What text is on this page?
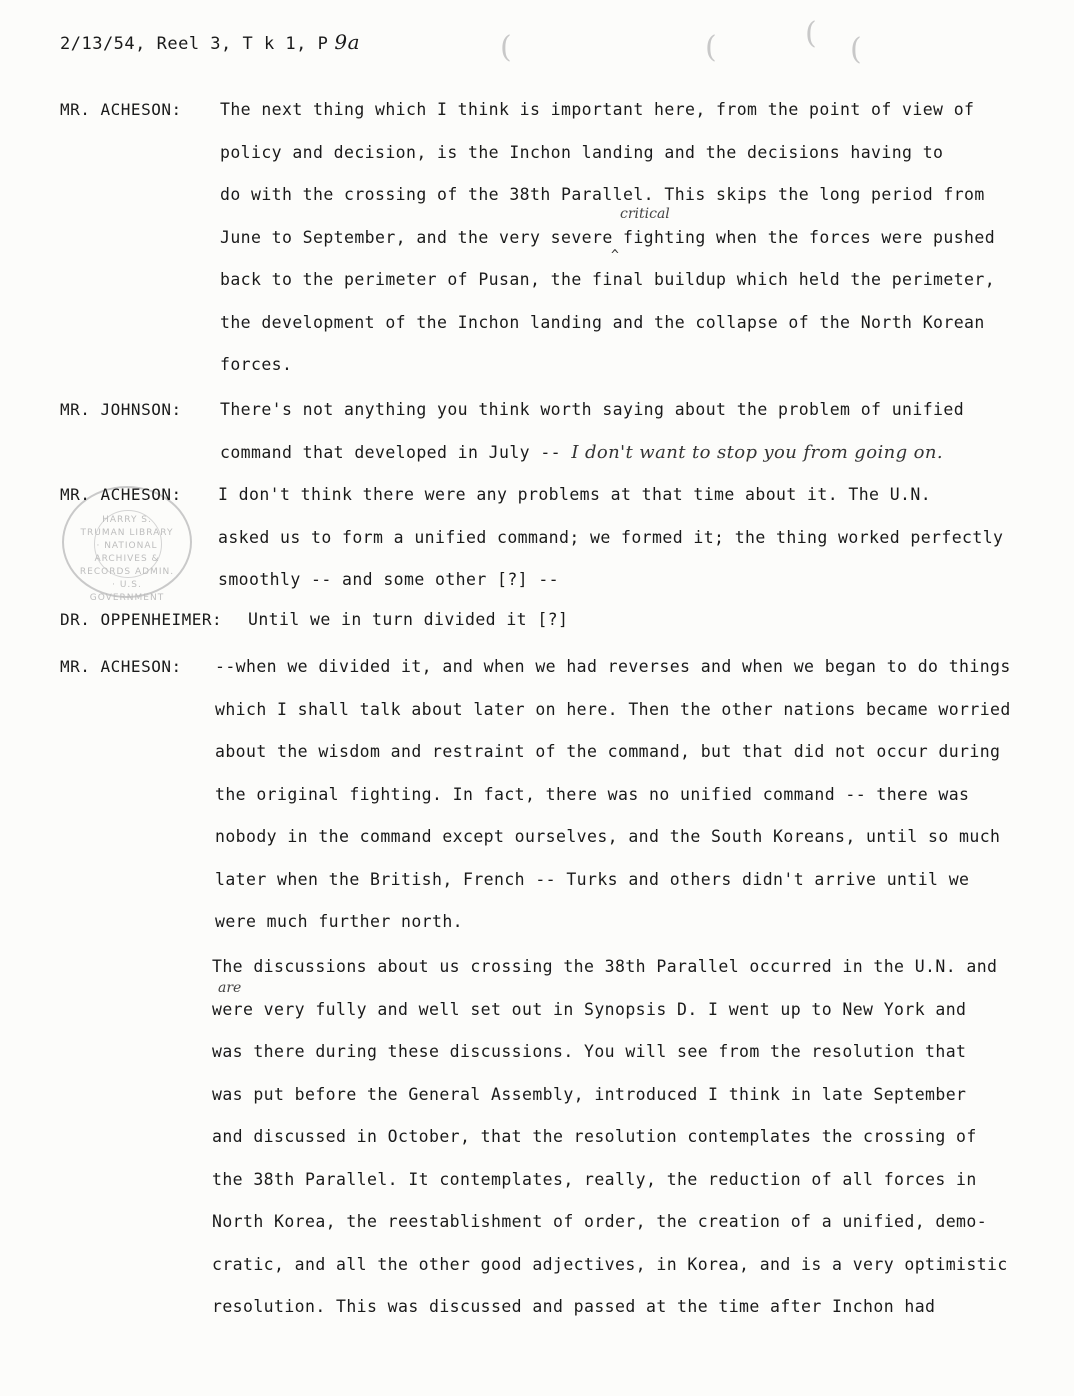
2/13/54, Reel 3, T k 1, P 9a	(	(	( (
HARRY S. TRUMAN LIBRARY · NATIONAL ARCHIVES & RECORDS ADMIN. · U.S. GOVERNMENT
MR. ACHESON: The next thing which I think is important here, from the point of view of
policy and decision, is the Inchon landing and the decisions having to
do with the crossing of the 38th Parallel. This skips the long period from
June to September, and the very severe fighting when the forces were pushed
back to the perimeter of Pusan, the final buildup which held the perimeter,
the development of the Inchon landing and the collapse of the North Korean
forces.
critical
^
MR. JOHNSON: There's not anything you think worth saying about the problem of unified
command that developed in July -- I don't want to stop you from going on.
MR. ACHESON: I don't think there were any problems at that time about it. The U.N.
asked us to form a unified command; we formed it; the thing worked perfectly
smoothly -- and some other [?] --
DR. OPPENHEIMER: Until we in turn divided it [?]
MR. ACHESON: --when we divided it, and when we had reverses and when we began to do things
which I shall talk about later on here. Then the other nations became worried
about the wisdom and restraint of the command, but that did not occur during
the original fighting. In fact, there was no unified command -- there was
nobody in the command except ourselves, and the South Koreans, until so much
later when the British, French -- Turks and others didn't arrive until we
were much further north.
are
The discussions about us crossing the 38th Parallel occurred in the U.N. and
were very fully and well set out in Synopsis D. I went up to New York and
was there during these discussions. You will see from the resolution that
was put before the General Assembly, introduced I think in late September
and discussed in October, that the resolution contemplates the crossing of
the 38th Parallel. It contemplates, really, the reduction of all forces in
North Korea, the reestablishment of order, the creation of a unified, demo-
cratic, and all the other good adjectives, in Korea, and is a very optimistic
resolution. This was discussed and passed at the time after Inchon had
